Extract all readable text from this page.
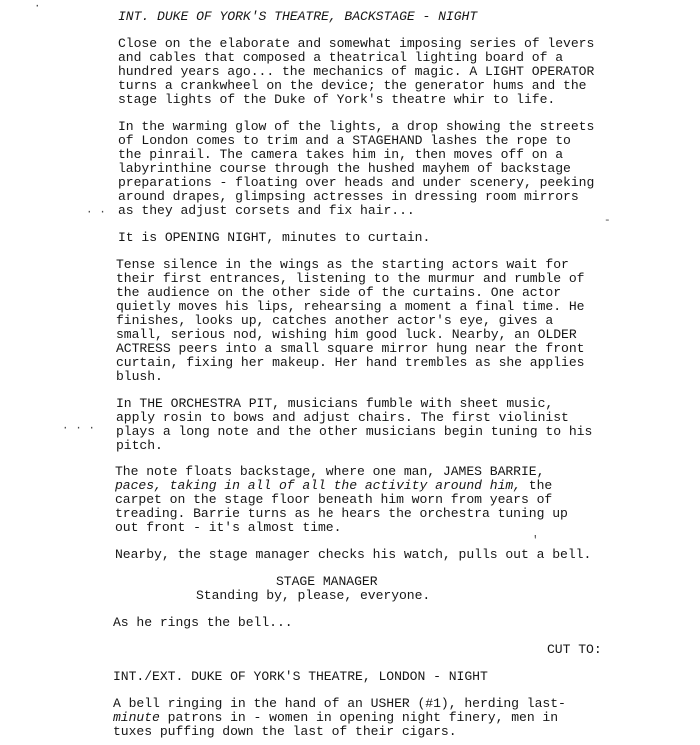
·
· ·
· · ·
-
'
INT. DUKE OF YORK'S THEATRE, BACKSTAGE - NIGHT
Close on the elaborate and somewhat imposing series of levers
and cables that composed a theatrical lighting board of a
hundred years ago... the mechanics of magic. A LIGHT OPERATOR
turns a crankwheel on the device; the generator hums and the
stage lights of the Duke of York's theatre whir to life.
In the warming glow of the lights, a drop showing the streets
of London comes to trim and a STAGEHAND lashes the rope to
the pinrail. The camera takes him in, then moves off on a
labyrinthine course through the hushed mayhem of backstage
preparations - floating over heads and under scenery, peeking
around drapes, glimpsing actresses in dressing room mirrors
as they adjust corsets and fix hair...
It is OPENING NIGHT, minutes to curtain.
Tense silence in the wings as the starting actors wait for
their first entrances, listening to the murmur and rumble of
the audience on the other side of the curtains. One actor
quietly moves his lips, rehearsing a moment a final time. He
finishes, looks up, catches another actor's eye, gives a
small, serious nod, wishing him good luck. Nearby, an OLDER
ACTRESS peers into a small square mirror hung near the front
curtain, fixing her makeup. Her hand trembles as she applies
blush.
In THE ORCHESTRA PIT, musicians fumble with sheet music,
apply rosin to bows and adjust chairs. The first violinist
plays a long note and the other musicians begin tuning to his
pitch.
The note floats backstage, where one man, JAMES BARRIE,
paces, taking in all of all the activity around him, the
carpet on the stage floor beneath him worn from years of
treading. Barrie turns as he hears the orchestra tuning up
out front - it's almost time.
Nearby, the stage manager checks his watch, pulls out a bell.
STAGE MANAGER
Standing by, please, everyone.
As he rings the bell...
CUT TO:
INT./EXT. DUKE OF YORK'S THEATRE, LONDON - NIGHT
A bell ringing in the hand of an USHER (#1), herding last-
minute patrons in - women in opening night finery, men in
tuxes puffing down the last of their cigars.
